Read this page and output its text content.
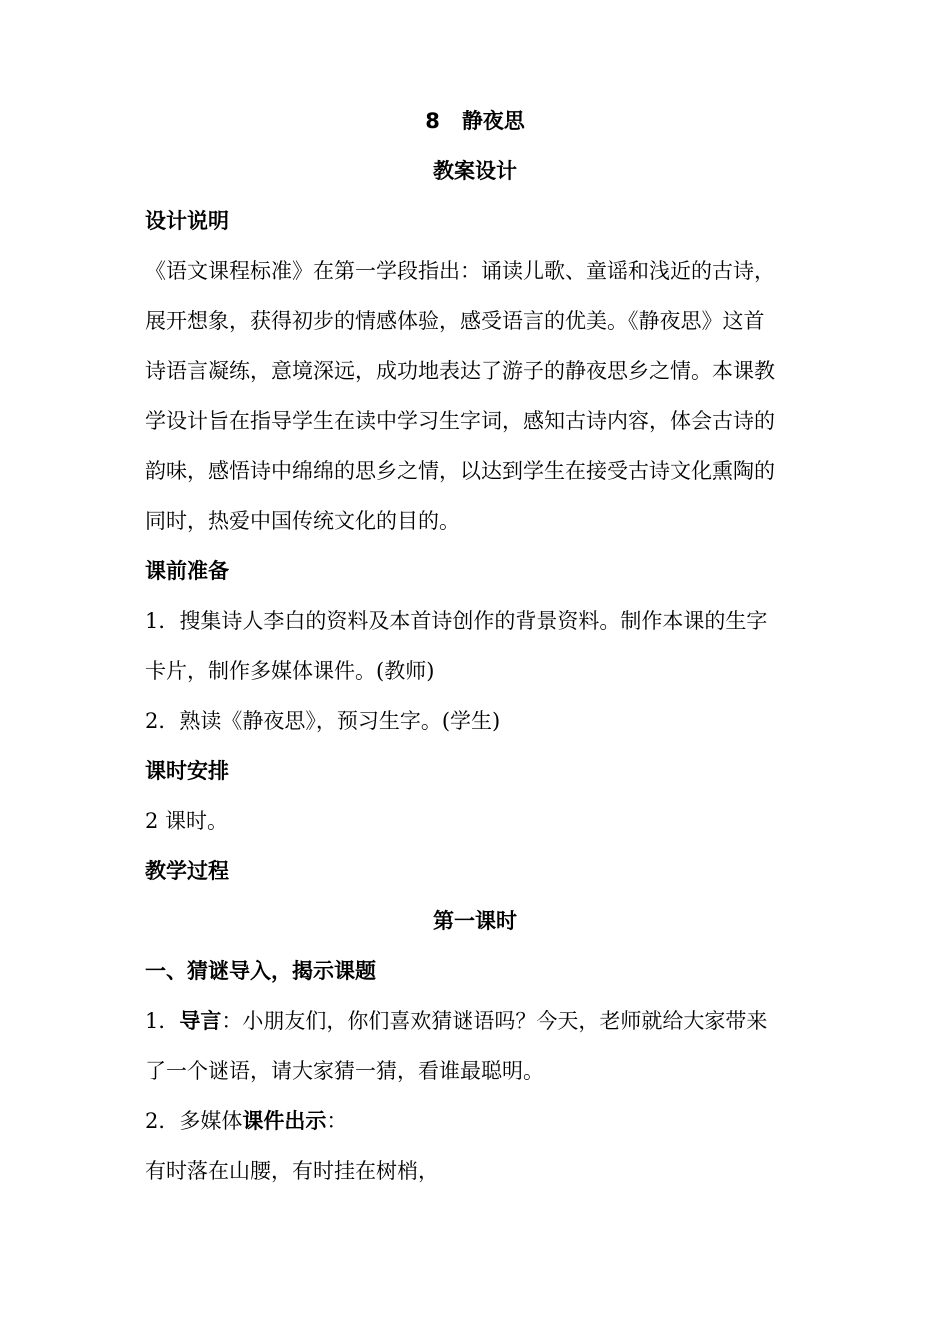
8 静夜思
教案设计
设计说明
《语文课程标准》在第一学段指出：诵读儿歌、童谣和浅近的古诗，
展开想象，获得初步的情感体验，感受语言的优美。《静夜思》这首
诗语言凝练，意境深远，成功地表达了游子的静夜思乡之情。本课教
学设计旨在指导学生在读中学习生字词，感知古诗内容，体会古诗的
韵味，感悟诗中绵绵的思乡之情，以达到学生在接受古诗文化熏陶的
同时，热爱中国传统文化的目的。
课前准备
1．搜集诗人李白的资料及本首诗创作的背景资料。制作本课的生字
卡片，制作多媒体课件。(教师)
2．熟读《静夜思》，预习生字。(学生)
课时安排
2 课时。
教学过程
第一课时
一、猜谜导入，揭示课题
1．导言：小朋友们，你们喜欢猜谜语吗？今天，老师就给大家带来
了一个谜语，请大家猜一猜，看谁最聪明。
2．多媒体课件出示：
有时落在山腰，有时挂在树梢，
